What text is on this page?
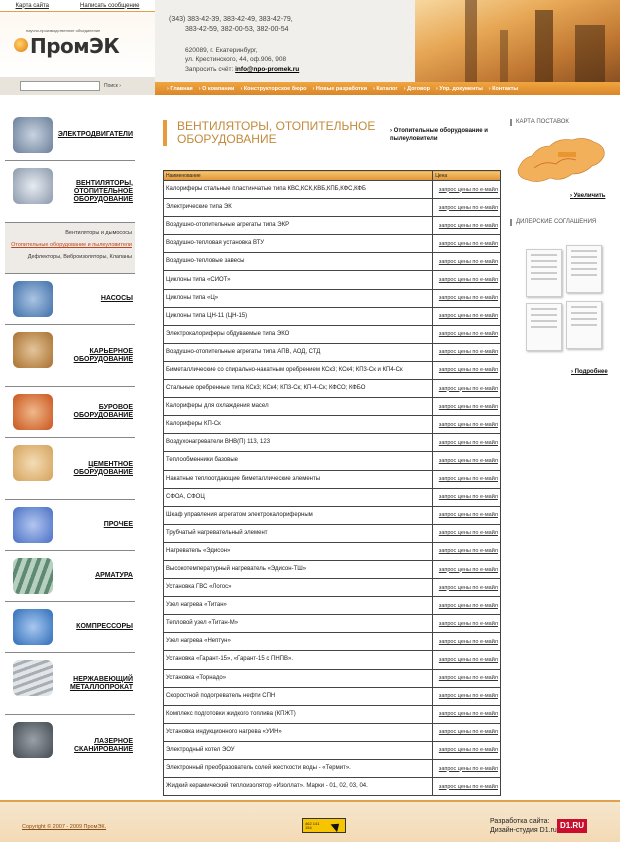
Карта сайта	Написать сообщение
научно-производственное объединение
ПромЭК
Поиск ›
(343) 383-42-39, 383-42-49, 383-42-79,
383-42-59, 382-00-53, 382-00-54
620089, г. Екатеринбург,
ул. Крестинского, 44, оф.906, 908
Запросить счёт: info@npo-promek.ru
› Главная › О компании › Конструкторское бюро › Новые разработки › Каталог › Договор › Упр. документы › Контакты
ЭЛЕКТРОДВИГАТЕЛИ
ВЕНТИЛЯТОРЫ, ОТОПИТЕЛЬНОЕ ОБОРУДОВАНИЕ
Вентиляторы и дымососы
Отопительные оборудование и пылеуловители
Дефлекторы, Виброизоляторы, Клапаны
НАСОСЫ
КАРЬЕРНОЕ ОБОРУДОВАНИЕ
БУРОВОЕ ОБОРУДОВАНИЕ
ЦЕМЕНТНОЕ ОБОРУДОВАНИЕ
ПРОЧЕЕ
АРМАТУРА
КОМПРЕССОРЫ
НЕРЖАВЕЮЩИЙ МЕТАЛЛОПРОКАТ
ЛАЗЕРНОЕ СКАНИРОВАНИЕ
ВЕНТИЛЯТОРЫ, ОТОПИТЕЛЬНОЕ ОБОРУДОВАНИЕ
› Отопительные оборудование и пылеуловители
Наименование	Цена
Калориферы стальные пластинчатые типа КВС,КСК,КВБ,КПБ,КФС,КФБ	запрос цены по e-майл
Электрические типа ЭК	запрос цены по e-майл
Воздушно-отопительные агрегаты типа ЭКР	запрос цены по e-майл
Воздушно-тепловая установка ВТУ	запрос цены по e-майл
Воздушно-тепловые завесы	запрос цены по e-майл
Циклоны типа «СИОТ»	запрос цены по e-майл
Циклоны типа «Ц»	запрос цены по e-майл
Циклоны типа ЦН-11 (ЦН-15)	запрос цены по e-майл
Электрокалориферы обдуваемые типа ЭКО	запрос цены по e-майл
Воздушно-отопительные агрегаты типа АПВ, АОД, СТД	запрос цены по e-майл
Биметаллические со спирально-накатным оребрением КСк3; КСк4; КП3-Ск и КП4-Ск	запрос цены по e-майл
Стальные оребренные типа КСк3; КСк4; КП3-Ск; КП-4-Ск; КФСО; КФБО	запрос цены по e-майл
Калориферы для охлаждения масел	запрос цены по e-майл
Калориферы КП-Ск	запрос цены по e-майл
Воздухонагреватели ВНВ(П) 113, 123	запрос цены по e-майл
Теплообменники базовые	запрос цены по e-майл
Накатные теплоотдающие биметаллические элементы	запрос цены по e-майл
СФОА, СФОЦ	запрос цены по e-майл
Шкаф управления агрегатом электрокалориферным	запрос цены по e-майл
Трубчатый нагревательный элемент	запрос цены по e-майл
Нагреватель «Эдисон»	запрос цены по e-майл
Высокотемпературный нагреватель «Эдисон-ТШ»	запрос цены по e-майл
Установка ГВС «Логос»	запрос цены по e-майл
Узел нагрева «Титан»	запрос цены по e-майл
Тепловой узел «Титан-М»	запрос цены по e-майл
Узел нагрева «Нептун»	запрос цены по e-майл
Установка «Гарант-15», «Гарант-15 с ПНПВ».	запрос цены по e-майл
Установка «Торнадо»	запрос цены по e-майл
Скоростной подогреватель нефти СПН	запрос цены по e-майл
Комплекс подготовки жидкого топлива (КПЖТ)	запрос цены по e-майл
Установка индукционного нагрева «УИН»	запрос цены по e-майл
Электродный котел ЭОУ	запрос цены по e-майл
Электронный преобразователь солей жесткости воды - «Термит».	запрос цены по e-майл
Жидкий керамический теплоизолятор «Изоллат». Марки - 01, 02, 03, 04.	запрос цены по e-майл
КАРТА ПОСТАВОК
› Увеличить
ДИЛЕРСКИЕ СОГЛАШЕНИЯ
› Подробнее
Copyright © 2007 - 2009 ПромЭК.
462 141 154
Разработка сайта:
Дизайн-студия D1.ru
D1.RU
